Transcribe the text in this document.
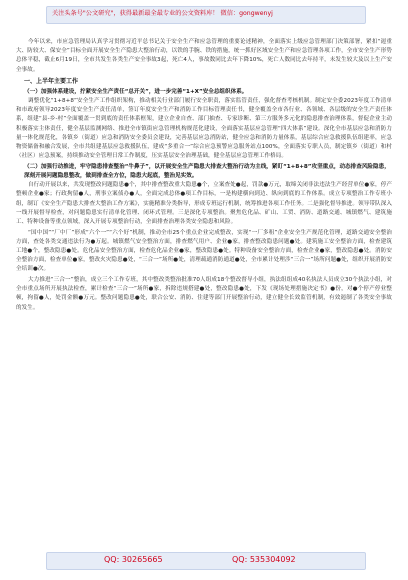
关注头条号"公文研究"，获得最新最全最专业的公文资料库！ 微信：gongwenyj

今年以来，市应急管理局认真学习贯彻习近平总书记关于安全生产和应急管理的重要论述精神，全面落实上级应急管理部门决策部署，紧扣“遏重大、防较大、保安全”目标全面开展安全生产隐患大整治行动，以铁的手腕、铁的措施，统一抓好区域安全生产和应急管理各项工作，全市安全生产形势总体平稳，截止6月19日，全市共发生各类生产安全事故3起，死亡4人，事故数同比去年下降10%，死亡人数同比去年持平，未发生较大及以上生产安全事故。

一、上半年主要工作
（一）加强体系建设，拧紧安全生产责任“总开关”，进一步完善“1+X”安全总组织体系。

调整优化“1+8+8”安全生产工作组织架构，推动相关行业部门履行安全职责，落实监管责任，强化督查考核机制。制定安全委2023年度工作清单和市政府领导2023年度安全生产责任清单，签订年度安全生产和消防工作目标管理责任书，健全覆盖全市各行业、各领域、各层级的安全生产责任体系，组建“县-乡-村”全面覆盖一贯到底的责任体系框架，建立企业自查、部门抽查、专家诊断、第三方服务多元化的隐患排查治理体系，督促企业主动积极落实主体责任，健全基层监测网络、推进全市镇街应急管理机构规范化建设，全面落实基层应急管理“四大体系”建设。深化全市基层应急和消防力量一体化规范化，各镇乡（街道）应急和消防安全委员会建设，完善基层应急消防站，健全应急和消防力量体系，基层综合应急救援队伍组建率，应急物资储备和融合发展，全市共组建基层应急救援队伍，建成“多重合一”综合应急预警应急服务站点100%，全面落实专职人员，制定镇乡（街道）和村（社区）应急预案，持续推动安全管理日常工作制度，压实基层安全治理基础，健全基层应急管理工作格局。

（二）加强行动推进，牢守隐患排查整治“牛鼻子”，以开展安全生产隐患大排查大整治行动为主线，紧盯“1+8+8”攻坚重点，动态排查风险隐患，深刻开展问题隐患整改，做到排查全方位，隐患大起底，整治见实效。

自行动开展以来，共发现整改问题隐患●个，其中排查整改重大隐患●个，立案查处●起，罚款●万元，取缔关闭非法违法生产经营单位●家，停产整顿企业●家；行政拘留●人，刑事立案侦办●人，全面完成总体●项工作目标，一是构建横向到边、纵向到底的工作体系。成立专项整治工作专班小组，制订《安全生产隐患大排查大整治工作方案》，实施精准分类指导，形成专班运行机制，统筹推进各项工作任务。二是强化督导推进。领导带队深入一线开展督导检查，对问题隐患实行清单化管理、闭环式管理。三是深化专项整治。聚焦危化品、矿山、工贸、消防、道路交通、城镇燃气、建筑施工、特种设备等重点领域，深入开展专项整治行动，全面排查治理各类安全隐患和风险。

“国中国”“厂中厂”形成“六个一”“六个好”机制，推动全市25个重点企业完成整改，实现“一厂多租”企业安全生产规范化管理，道路交通安全整治方面，查处各类交通违法行为●万起。城镇燃气安全整治方面，排查燃气用户、企业●家，排查整改隐患问题●处。建筑施工安全整治方面，检查建筑工地●个，整改隐患●处。危化品安全整治方面，检查危化品企业●家，整改隐患●处。特种设备安全整治方面，检查企业●家，整改隐患●处。消防安全整治方面，检查单位●家，整改火灾隐患●处，“三合一”场所●处，清理疏通消防通道●处，全市累计处理涉“三合一”场所问题●处，组织开展消防安全培训●次。

大力推进“三合一”整治，成立三个工作专班，其中整改类整治批准70人组成18个整改督导小组，执法组组成40名执法人员成立30个执法小组，对全市重点场所开展执法检查，累计检查“三合一”场所●家，拆除违规搭建●处，整改隐患●处，下发《现场处理措施决定书》●份，对●个停产停业整顿，拘留●人，处罚金额●万元。整改问题隐患●处，联合公安、消防、住建等部门开展整治行动，建立健全长效监管机制，有效遏制了各类安全事故的发生。

QQ: 30265665	QQ: 535304092
